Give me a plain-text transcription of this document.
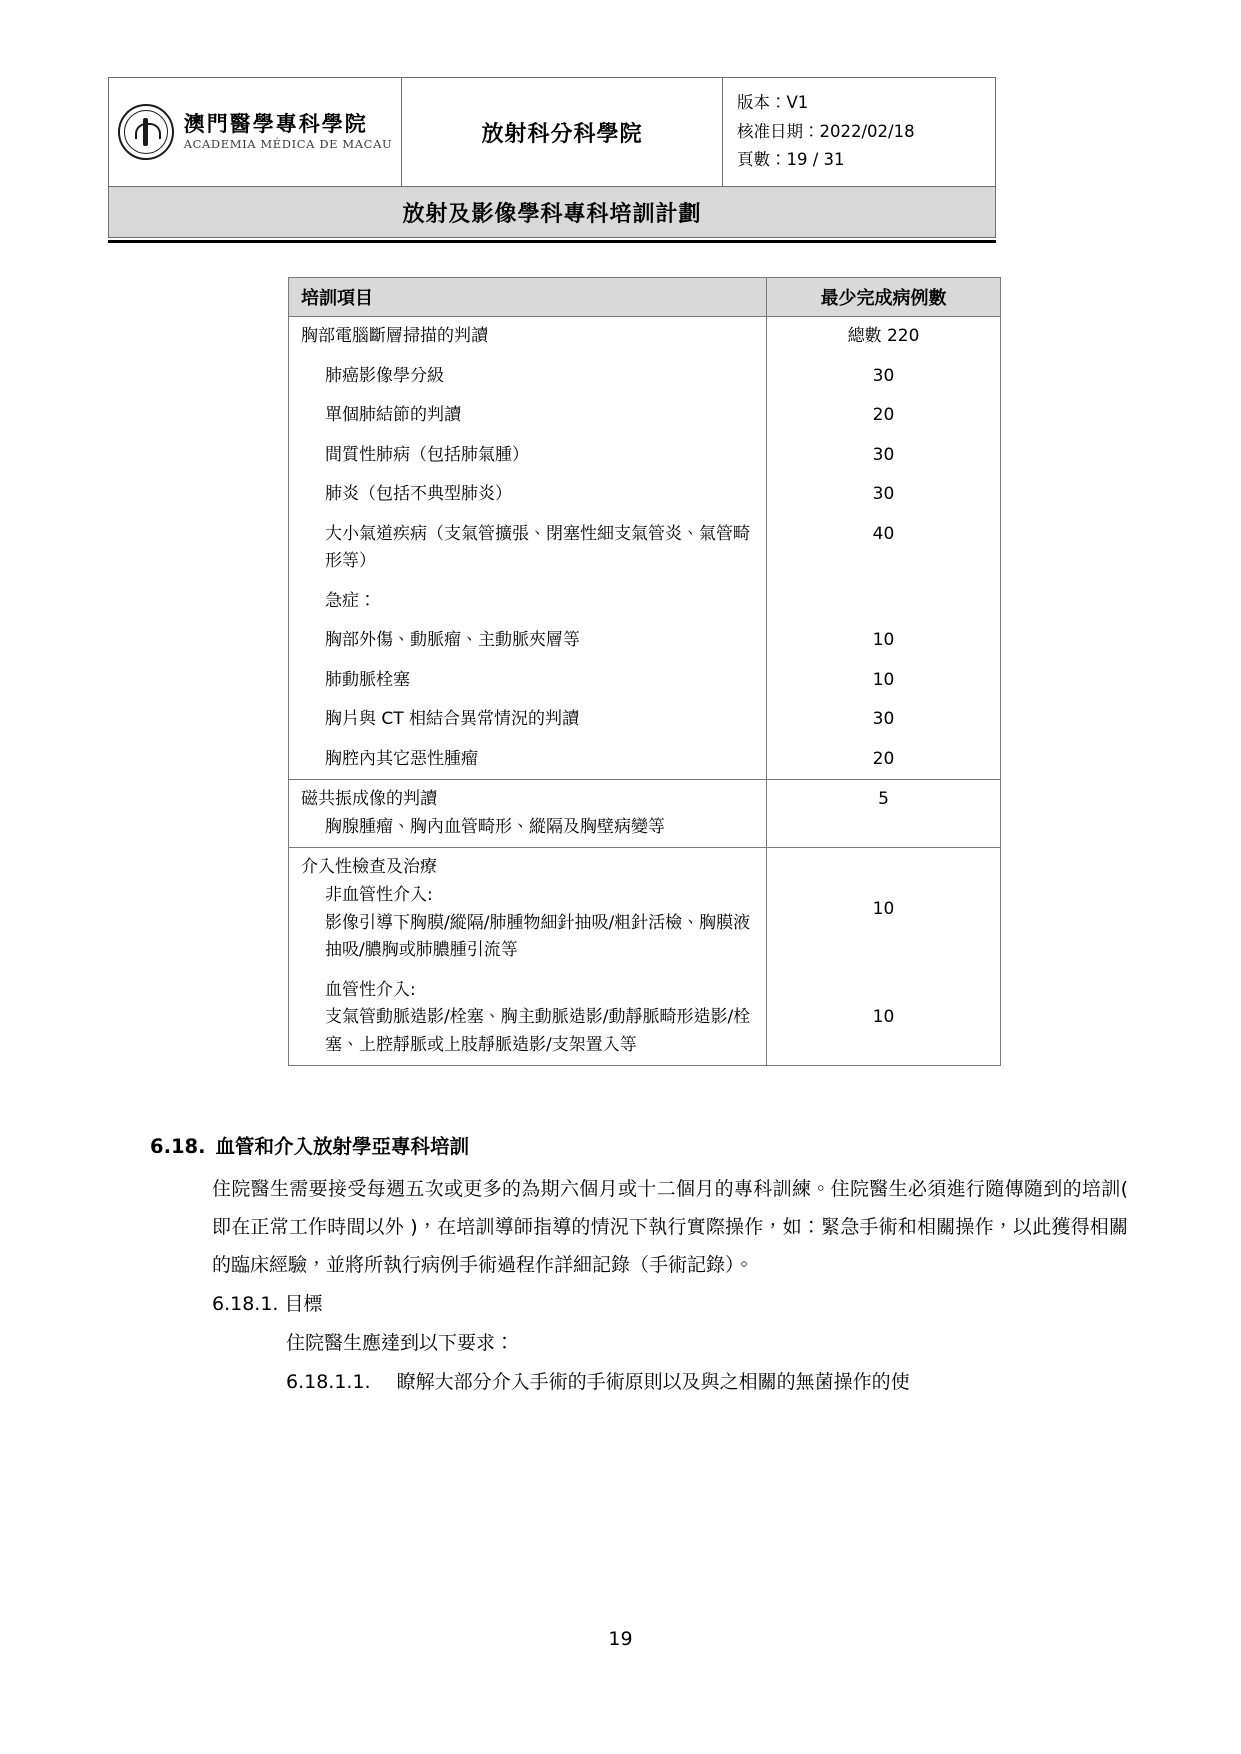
澳門醫學專科學院
ACADEMIA MÉDICA DE MACAU	放射科分科學院	
版本：V1
核准日期：2022/02/18
頁數：19 / 31

放射及影像學科專科培訓計劃
培訓項目	最少完成病例數
胸部電腦斷層掃描的判讀	總數 220

肺癌影像學分級	30

單個肺結節的判讀	20

間質性肺病（包括肺氣腫）	30

肺炎（包括不典型肺炎）	30

大小氣道疾病（支氣管擴張、閉塞性細支氣管炎、氣管畸形等）	40

急症：	

胸部外傷、動脈瘤、主動脈夾層等	10

肺動脈栓塞	10

胸片與 CT 相結合異常情況的判讀	30

胸腔內其它惡性腫瘤	20

磁共振成像的判讀
胸腺腫瘤、胸內血管畸形、縱隔及胸壁病變等	5

介入性檢查及治療
非血管性介入:
影像引導下胸膜/縱隔/肺腫物細針抽吸/粗針活檢、胸膜液抽吸/膿胸或肺膿腫引流等	10

血管性介入:
支氣管動脈造影/栓塞、胸主動脈造影/動靜脈畸形造影/栓塞、上腔靜脈或上肢靜脈造影/支架置入等	10
6.18. 血管和介入放射學亞專科培訓
住院醫生需要接受每週五次或更多的為期六個月或十二個月的專科訓練。住院醫生必須進行隨傳隨到的培訓( 即在正常工作時間以外 )，在培訓導師指導的情況下執行實際操作，如：緊急手術和相關操作，以此獲得相關的臨床經驗，並將所執行病例手術過程作詳細記錄（手術記錄）。
6.18.1. 目標
住院醫生應達到以下要求：
6.18.1.1. 瞭解大部分介入手術的手術原則以及與之相關的無菌操作的使
19
